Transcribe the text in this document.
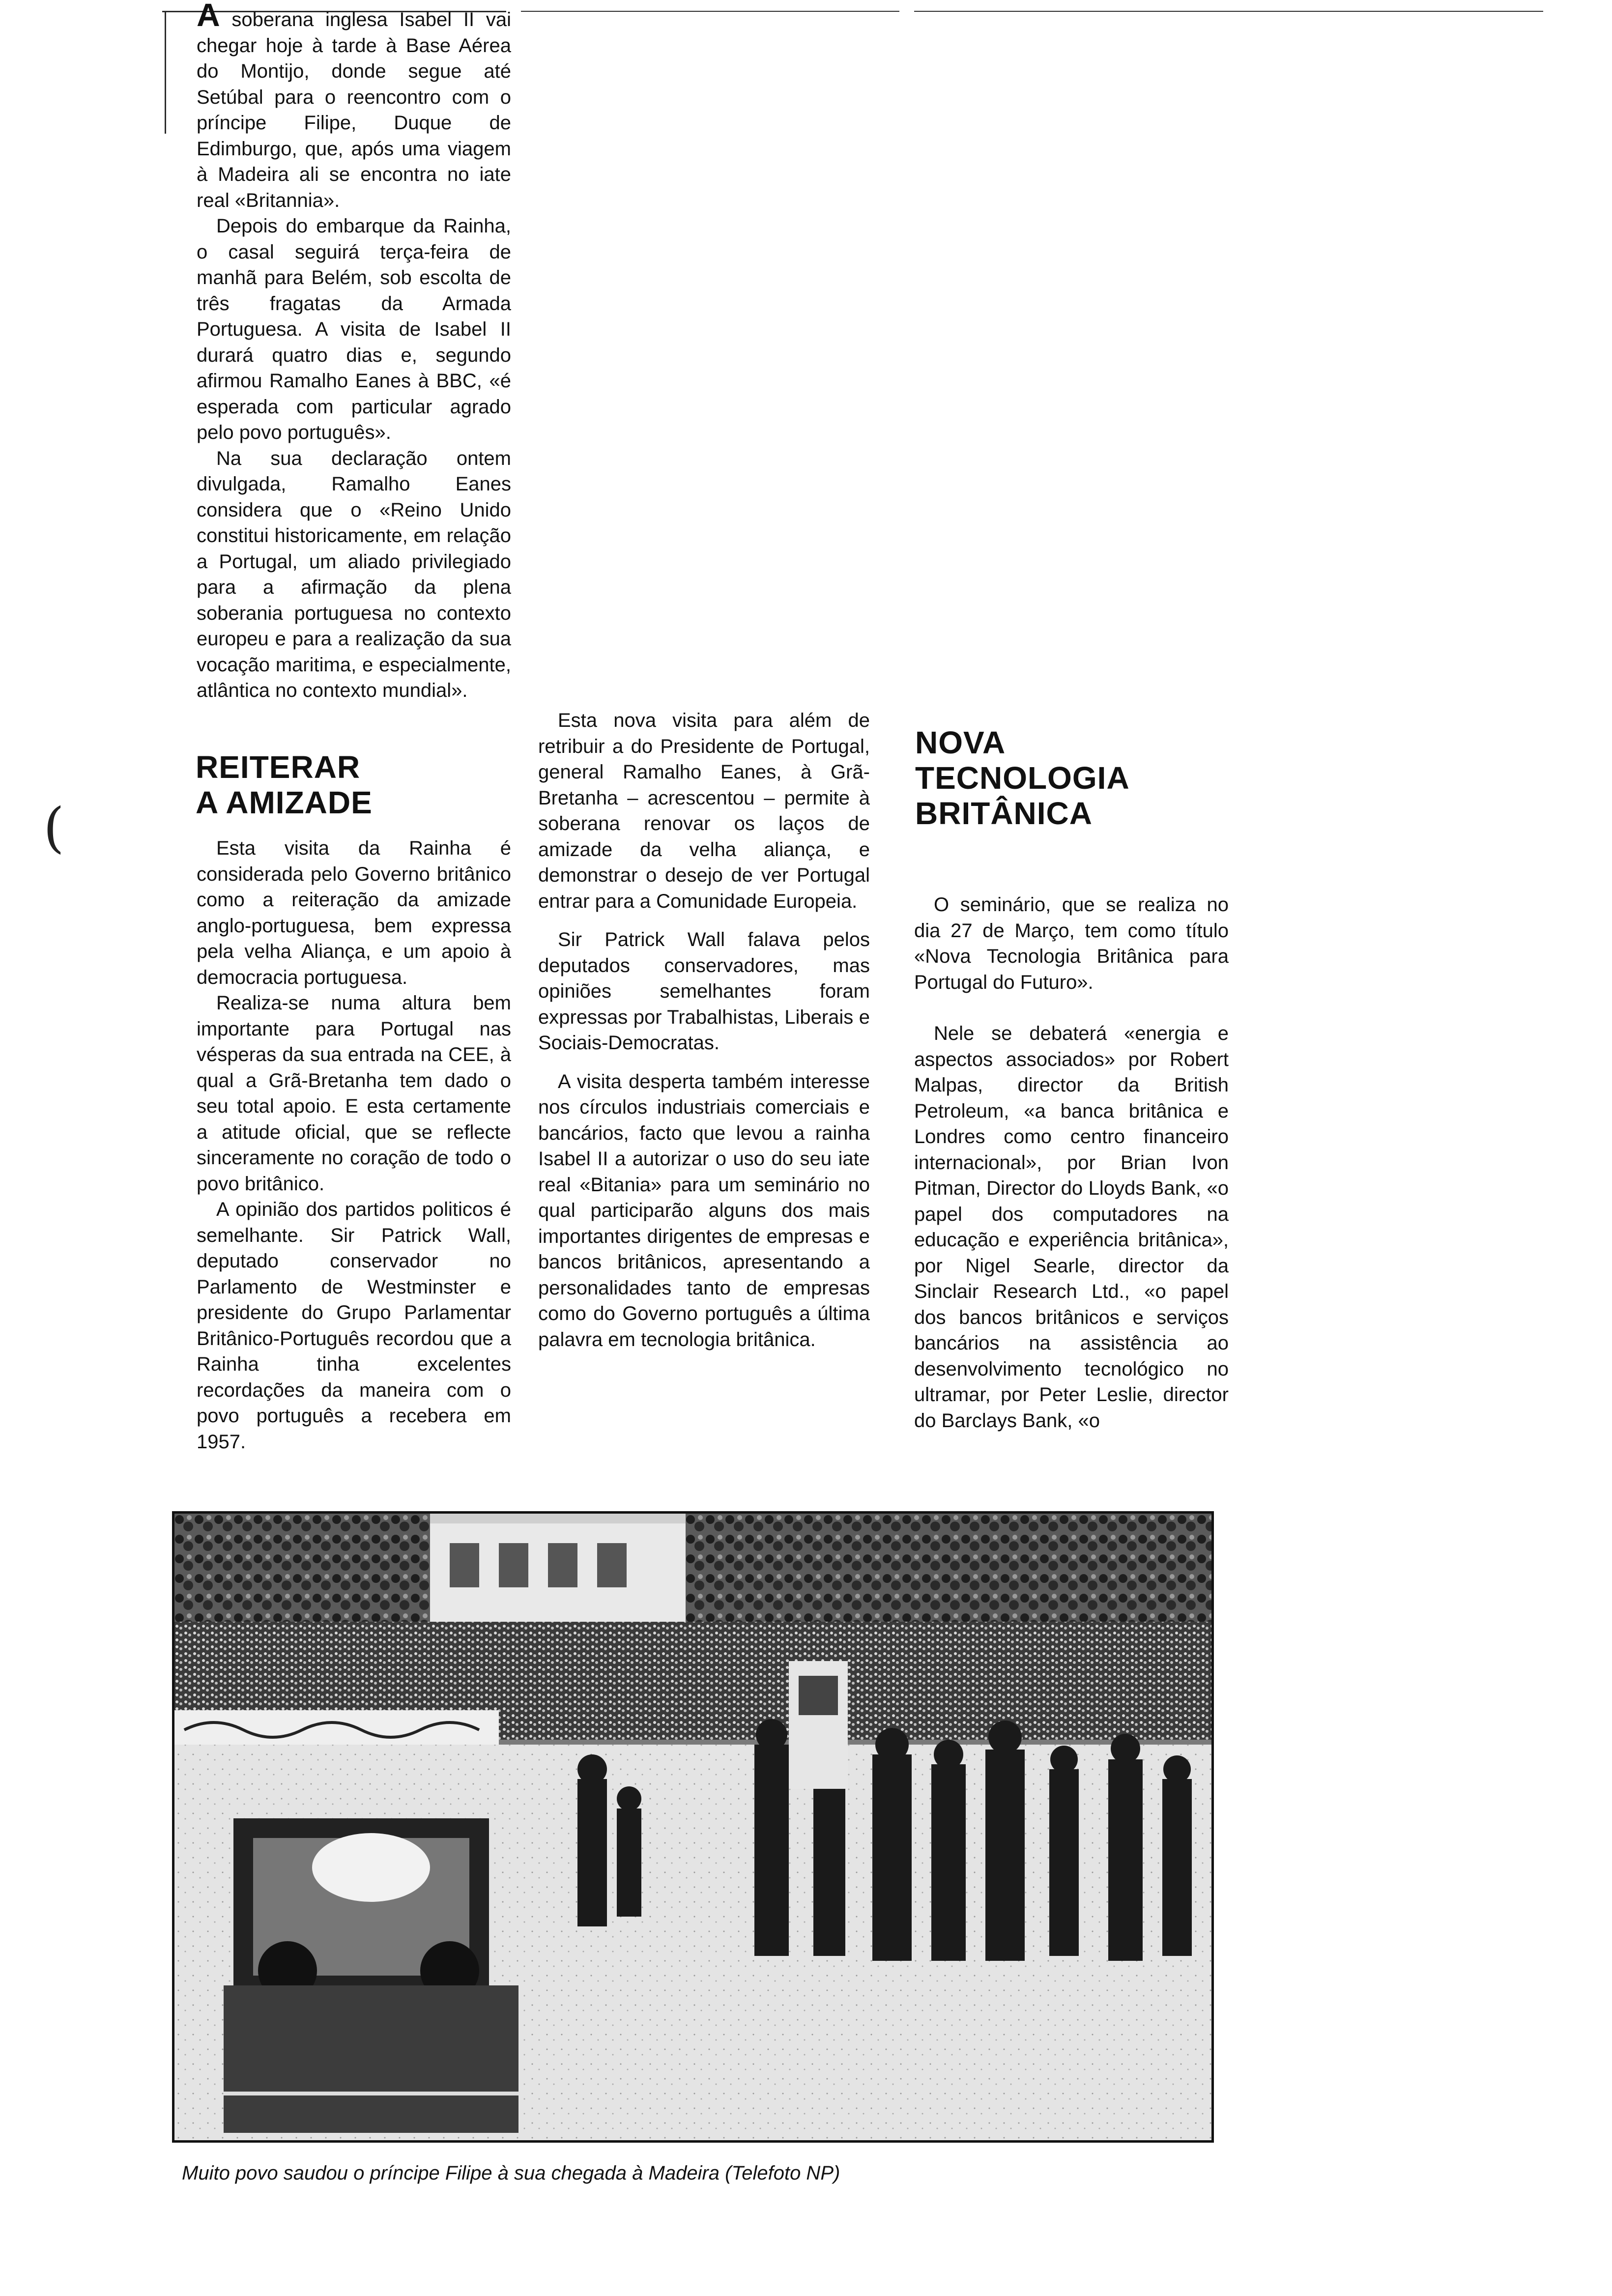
(

A soberana inglesa Isabel II vai chegar hoje à tarde à Base Aérea do Montijo, donde segue até Setúbal para o reencontro com o príncipe Filipe, Duque de Edimburgo, que, após uma viagem à Madeira ali se encontra no iate real «Britannia».

Depois do embarque da Rainha, o casal seguirá terça-feira de manhã para Belém, sob escolta de três fragatas da Armada Portuguesa. A visita de Isabel II durará quatro dias e, segundo afirmou Ramalho Eanes à BBC, «é esperada com particular agrado pelo povo português».

Na sua declaração ontem divulgada, Ramalho Eanes considera que o «Reino Unido constitui historicamente, em relação a Portugal, um aliado privilegiado para a afirmação da plena soberania portuguesa no contexto europeu e para a realização da sua vocação maritima, e especialmente, atlântica no contexto mundial».

REITERAR
A AMIZADE

Esta visita da Rainha é considerada pelo Governo britânico como a reiteração da amizade anglo-portuguesa, bem expressa pela velha Aliança, e um apoio à democracia portuguesa.

Realiza-se numa altura bem importante para Portugal nas vésperas da sua entrada na CEE, à qual a Grã-Bretanha tem dado o seu total apoio. E esta certamente a atitude oficial, que se reflecte sinceramente no coração de todo o povo britânico.

A opinião dos partidos politicos é semelhante. Sir Patrick Wall, deputado conservador no Parlamento de Westminster e presidente do Grupo Parlamentar Britânico-Português recordou que a Rainha tinha excelentes recordações da maneira com o povo português a recebera em 1957.

Esta nova visita para além de retribuir a do Presidente de Portugal, general Ramalho Eanes, à Grã-Bretanha – acrescentou – permite à soberana renovar os laços de amizade da velha aliança, e demonstrar o desejo de ver Portugal entrar para a Comunidade Europeia.

Sir Patrick Wall falava pelos deputados conservadores, mas opiniões semelhantes foram expressas por Trabalhistas, Liberais e Sociais-Democratas.

A visita desperta também interesse nos círculos industriais comerciais e bancários, facto que levou a rainha Isabel II a autorizar o uso do seu iate real «Bitania» para um seminário no qual participarão alguns dos mais importantes dirigentes de empresas e bancos britânicos, apresentando a personalidades tanto de empresas como do Governo português a última palavra em tecnologia britânica.

NOVA
TECNOLOGIA
BRITÂNICA

O seminário, que se realiza no dia 27 de Março, tem como título «Nova Tecnologia Britânica para Portugal do Futuro».

Nele se debaterá «energia e aspectos associados» por Robert Malpas, director da British Petroleum, «a banca britânica e Londres como centro financeiro internacional», por Brian Ivon Pitman, Director do Lloyds Bank, «o papel dos computadores na educação e experiência britânica», por Nigel Searle, director da Sinclair Research Ltd., «o papel dos bancos britânicos e serviços bancários na assistência ao desenvolvimento tecnológico no ultramar, por Peter Leslie, director do Barclays Bank, «o

Muito povo saudou o príncipe Filipe à sua chegada à Madeira (Telefoto NP)
